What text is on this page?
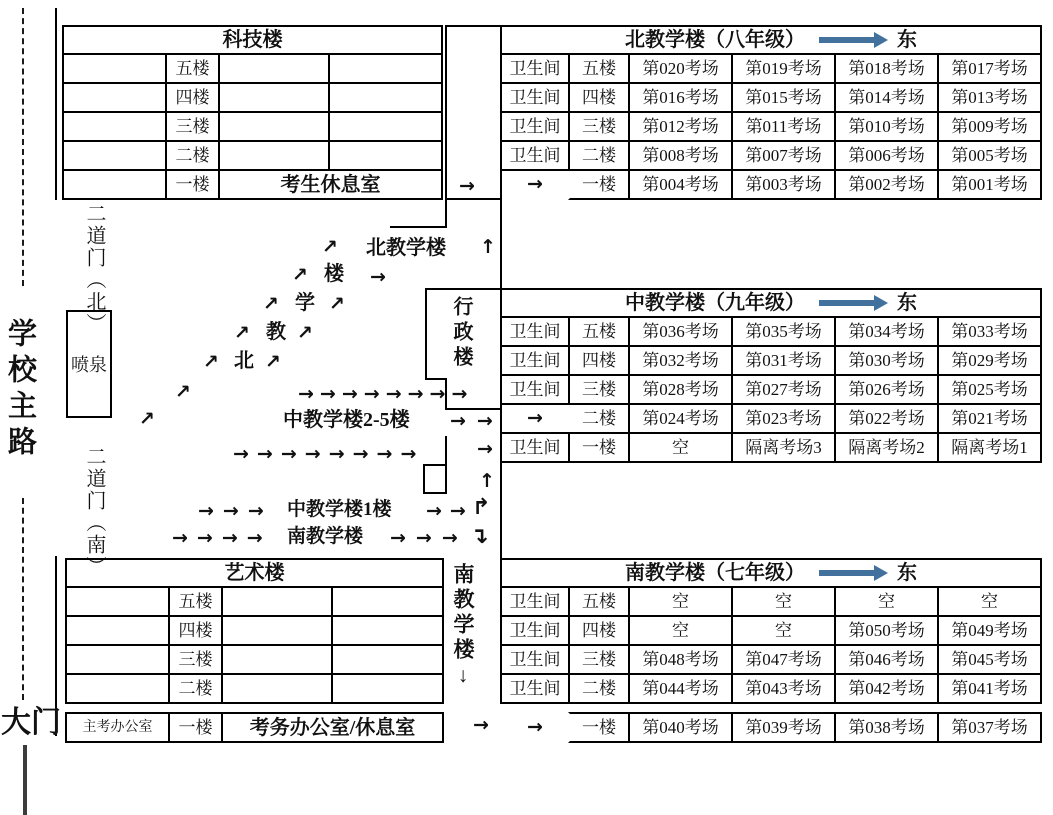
学校主路
大门
二道门（北）
二道门（南）
喷泉
科技楼
五楼
四楼
三楼
二楼
一楼	考生休息室
北教学楼（八年级）	东
卫生间	五楼	第020考场	第019考场	第018考场	第017考场
卫生间	四楼	第016考场	第015考场	第014考场	第013考场
卫生间	三楼	第012考场	第011考场	第010考场	第009考场
卫生间	二楼	第008考场	第007考场	第006考场	第005考场
→	一楼	第004考场	第003考场	第002考场	第001考场
→
行政楼
↗ 北教学楼 ↑
↗ 楼 →
↗ 学 ↗
↗ 教 ↗
↗ 北 ↗
↗	→ → → → → → → →
↗	中教学楼2-5楼 → →
→ → → → → → → →	→
↑
→ → → 中教学楼1楼 → → ↱
→ → → → 南教学楼 → → → ↴
中教学楼（九年级）	东
卫生间	五楼	第036考场	第035考场	第034考场	第033考场
卫生间	四楼	第032考场	第031考场	第030考场	第029考场
卫生间	三楼	第028考场	第027考场	第026考场	第025考场
→	二楼	第024考场	第023考场	第022考场	第021考场
卫生间	一楼	空	隔离考场3	隔离考场2	隔离考场1
艺术楼
五楼
四楼
三楼
二楼
主考办公室	一楼	考务办公室/休息室
南教学楼↓	南教学楼（七年级）	东
卫生间	五楼	空	空	空	空
卫生间	四楼	空	空	第050考场	第049考场
卫生间	三楼	第048考场	第047考场	第046考场	第045考场
卫生间	二楼	第044考场	第043考场	第042考场	第041考场
→	一楼	第040考场	第039考场	第038考场	第037考场
→
